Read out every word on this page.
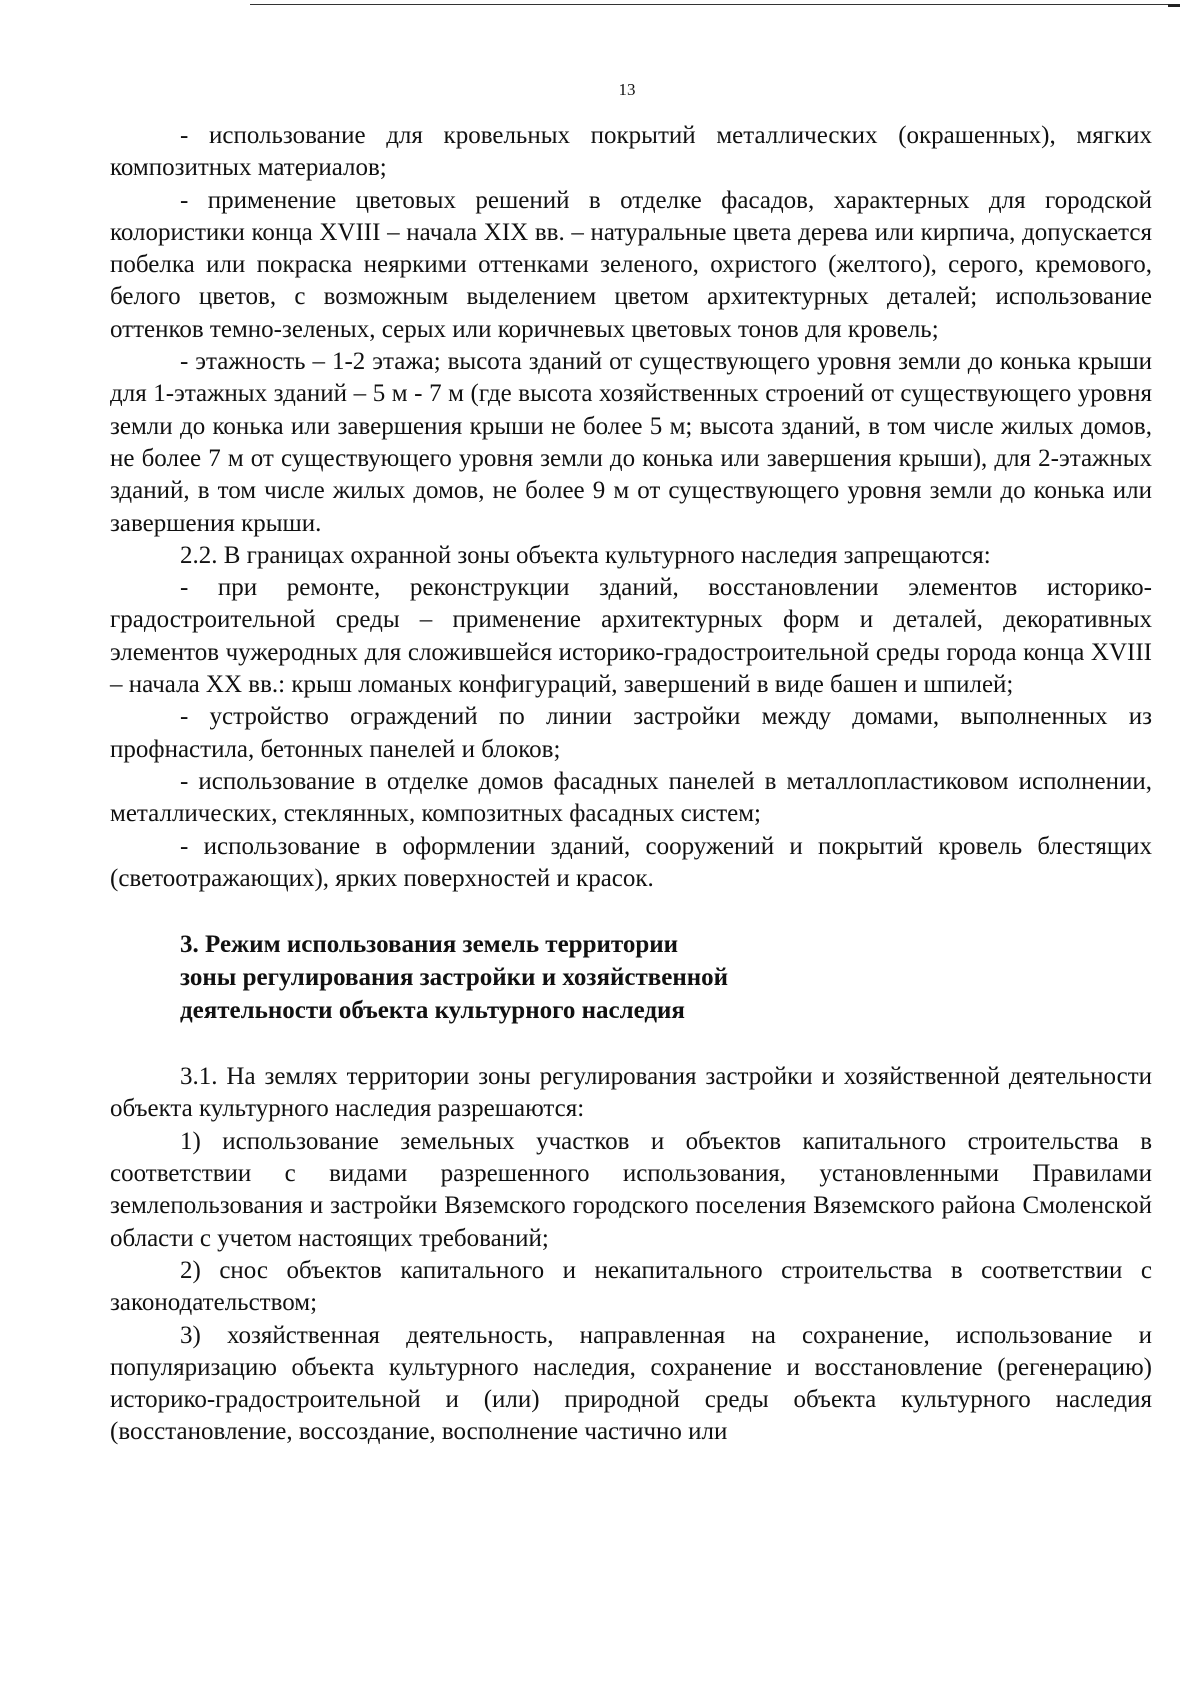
13

- использование для кровельных покрытий металлических (окрашенных), мягких композитных материалов;

- применение цветовых решений в отделке фасадов, характерных для городской колористики конца XVIII – начала XIX вв. – натуральные цвета дерева или кирпича, допускается побелка или покраска неяркими оттенками зеленого, охристого (желтого), серого, кремового, белого цветов, с возможным выделением цветом архитектурных деталей; использование оттенков темно-зеленых, серых или коричневых цветовых тонов для кровель;

- этажность – 1-2 этажа; высота зданий от существующего уровня земли до конька крыши для 1-этажных зданий – 5 м - 7 м (где высота хозяйственных строений от существующего уровня земли до конька или завершения крыши не более 5 м; высота зданий, в том числе жилых домов, не более 7 м от существующего уровня земли до конька или завершения крыши), для 2-этажных зданий, в том числе жилых домов, не более 9 м от существующего уровня земли до конька или завершения крыши.

2.2. В границах охранной зоны объекта культурного наследия запрещаются:

- при ремонте, реконструкции зданий, восстановлении элементов историко-градостроительной среды – применение архитектурных форм и деталей, декоративных элементов чужеродных для сложившейся историко-градостроительной среды города конца XVIII – начала XX вв.: крыш ломаных конфигураций, завершений в виде башен и шпилей;

- устройство ограждений по линии застройки между домами, выполненных из профнастила, бетонных панелей и блоков;

- использование в отделке домов фасадных панелей в металлопластиковом исполнении, металлических, стеклянных, композитных фасадных систем;

- использование в оформлении зданий, сооружений и покрытий кровель блестящих (светоотражающих), ярких поверхностей и красок.

3. Режим использования земель территории

зоны регулирования застройки и хозяйственной

деятельности объекта культурного наследия

3.1. На землях территории зоны регулирования застройки и хозяйственной деятельности объекта культурного наследия разрешаются:

1) использование земельных участков и объектов капитального строительства в соответствии с видами разрешенного использования, установленными Правилами землепользования и застройки Вяземского городского поселения Вяземского района Смоленской области с учетом настоящих требований;

2) снос объектов капитального и некапитального строительства в соответствии с законодательством;

3) хозяйственная деятельность, направленная на сохранение, использование и популяризацию объекта культурного наследия, сохранение и восстановление (регенерацию) историко-градостроительной и (или) природной среды объекта культурного наследия (восстановление, воссоздание, восполнение частично или
